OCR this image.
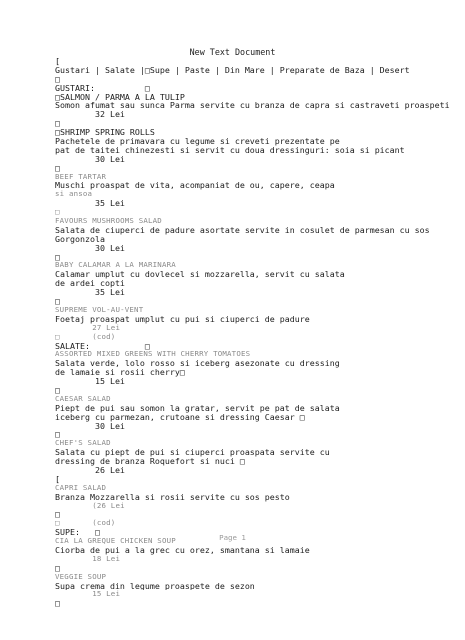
New Text Document
[
Gustari | Salate |□Supe | Paste | Din Mare | Preparate de Baza | Desert
□
GUSTARI:          □
□SALMON / PARMA A LA TULIP
Somon afumat sau sunca Parma servite cu branza de capra si castraveti proaspeti
32 Lei
□
□SHRIMP SPRING ROLLS
Pachetele de primavara cu legume si creveti prezentate pe
pat de taitei chinezesti si servit cu doua dressinguri: soia si picant
30 Lei
□
BEEF TARTAR
Muschi proaspat de vita, acompaniat de ou, capere, ceapa
si ansoa
35 Lei
□
FAVOURS MUSHROOMS SALAD
Salata de ciuperci de padure asortate servite in cosulet de parmesan cu sos
Gorgonzola
30 Lei
□
BABY CALAMAR A LA MARINARA
Calamar umplut cu dovlecel si mozzarella, servit cu salata
de ardei copti
35 Lei
□
SUPREME VOL-AU-VENT
Foetaj proaspat umplut cu pui si ciuperci de padure
27 Lei
□       (cod)
SALATE:           □
ASSORTED MIXED GREENS WITH CHERRY TOMATOES
Salata verde, lolo rosso si iceberg asezonate cu dressing
de lamaie si rosii cherry□
15 Lei
□
CAESAR SALAD
Piept de pui sau somon la gratar, servit pe pat de salata
iceberg cu parmezan, crutoane si dressing Caesar □
30 Lei
□
CHEF'S SALAD
Salata cu piept de pui si ciuperci proaspata servite cu
dressing de branza Roquefort si nuci □
26 Lei
[
CAPRI SALAD
Branza Mozzarella si rosii servite cu sos pesto
(26 Lei
□
□       (cod)
SUPE:   □
CIA LA GREQUE CHICKEN SOUP
Ciorba de pui a la grec cu orez, smantana si lamaie
18 Lei
□
VEGGIE SOUP
Supa crema din legume proaspete de sezon
15 Lei
□
Page 1
